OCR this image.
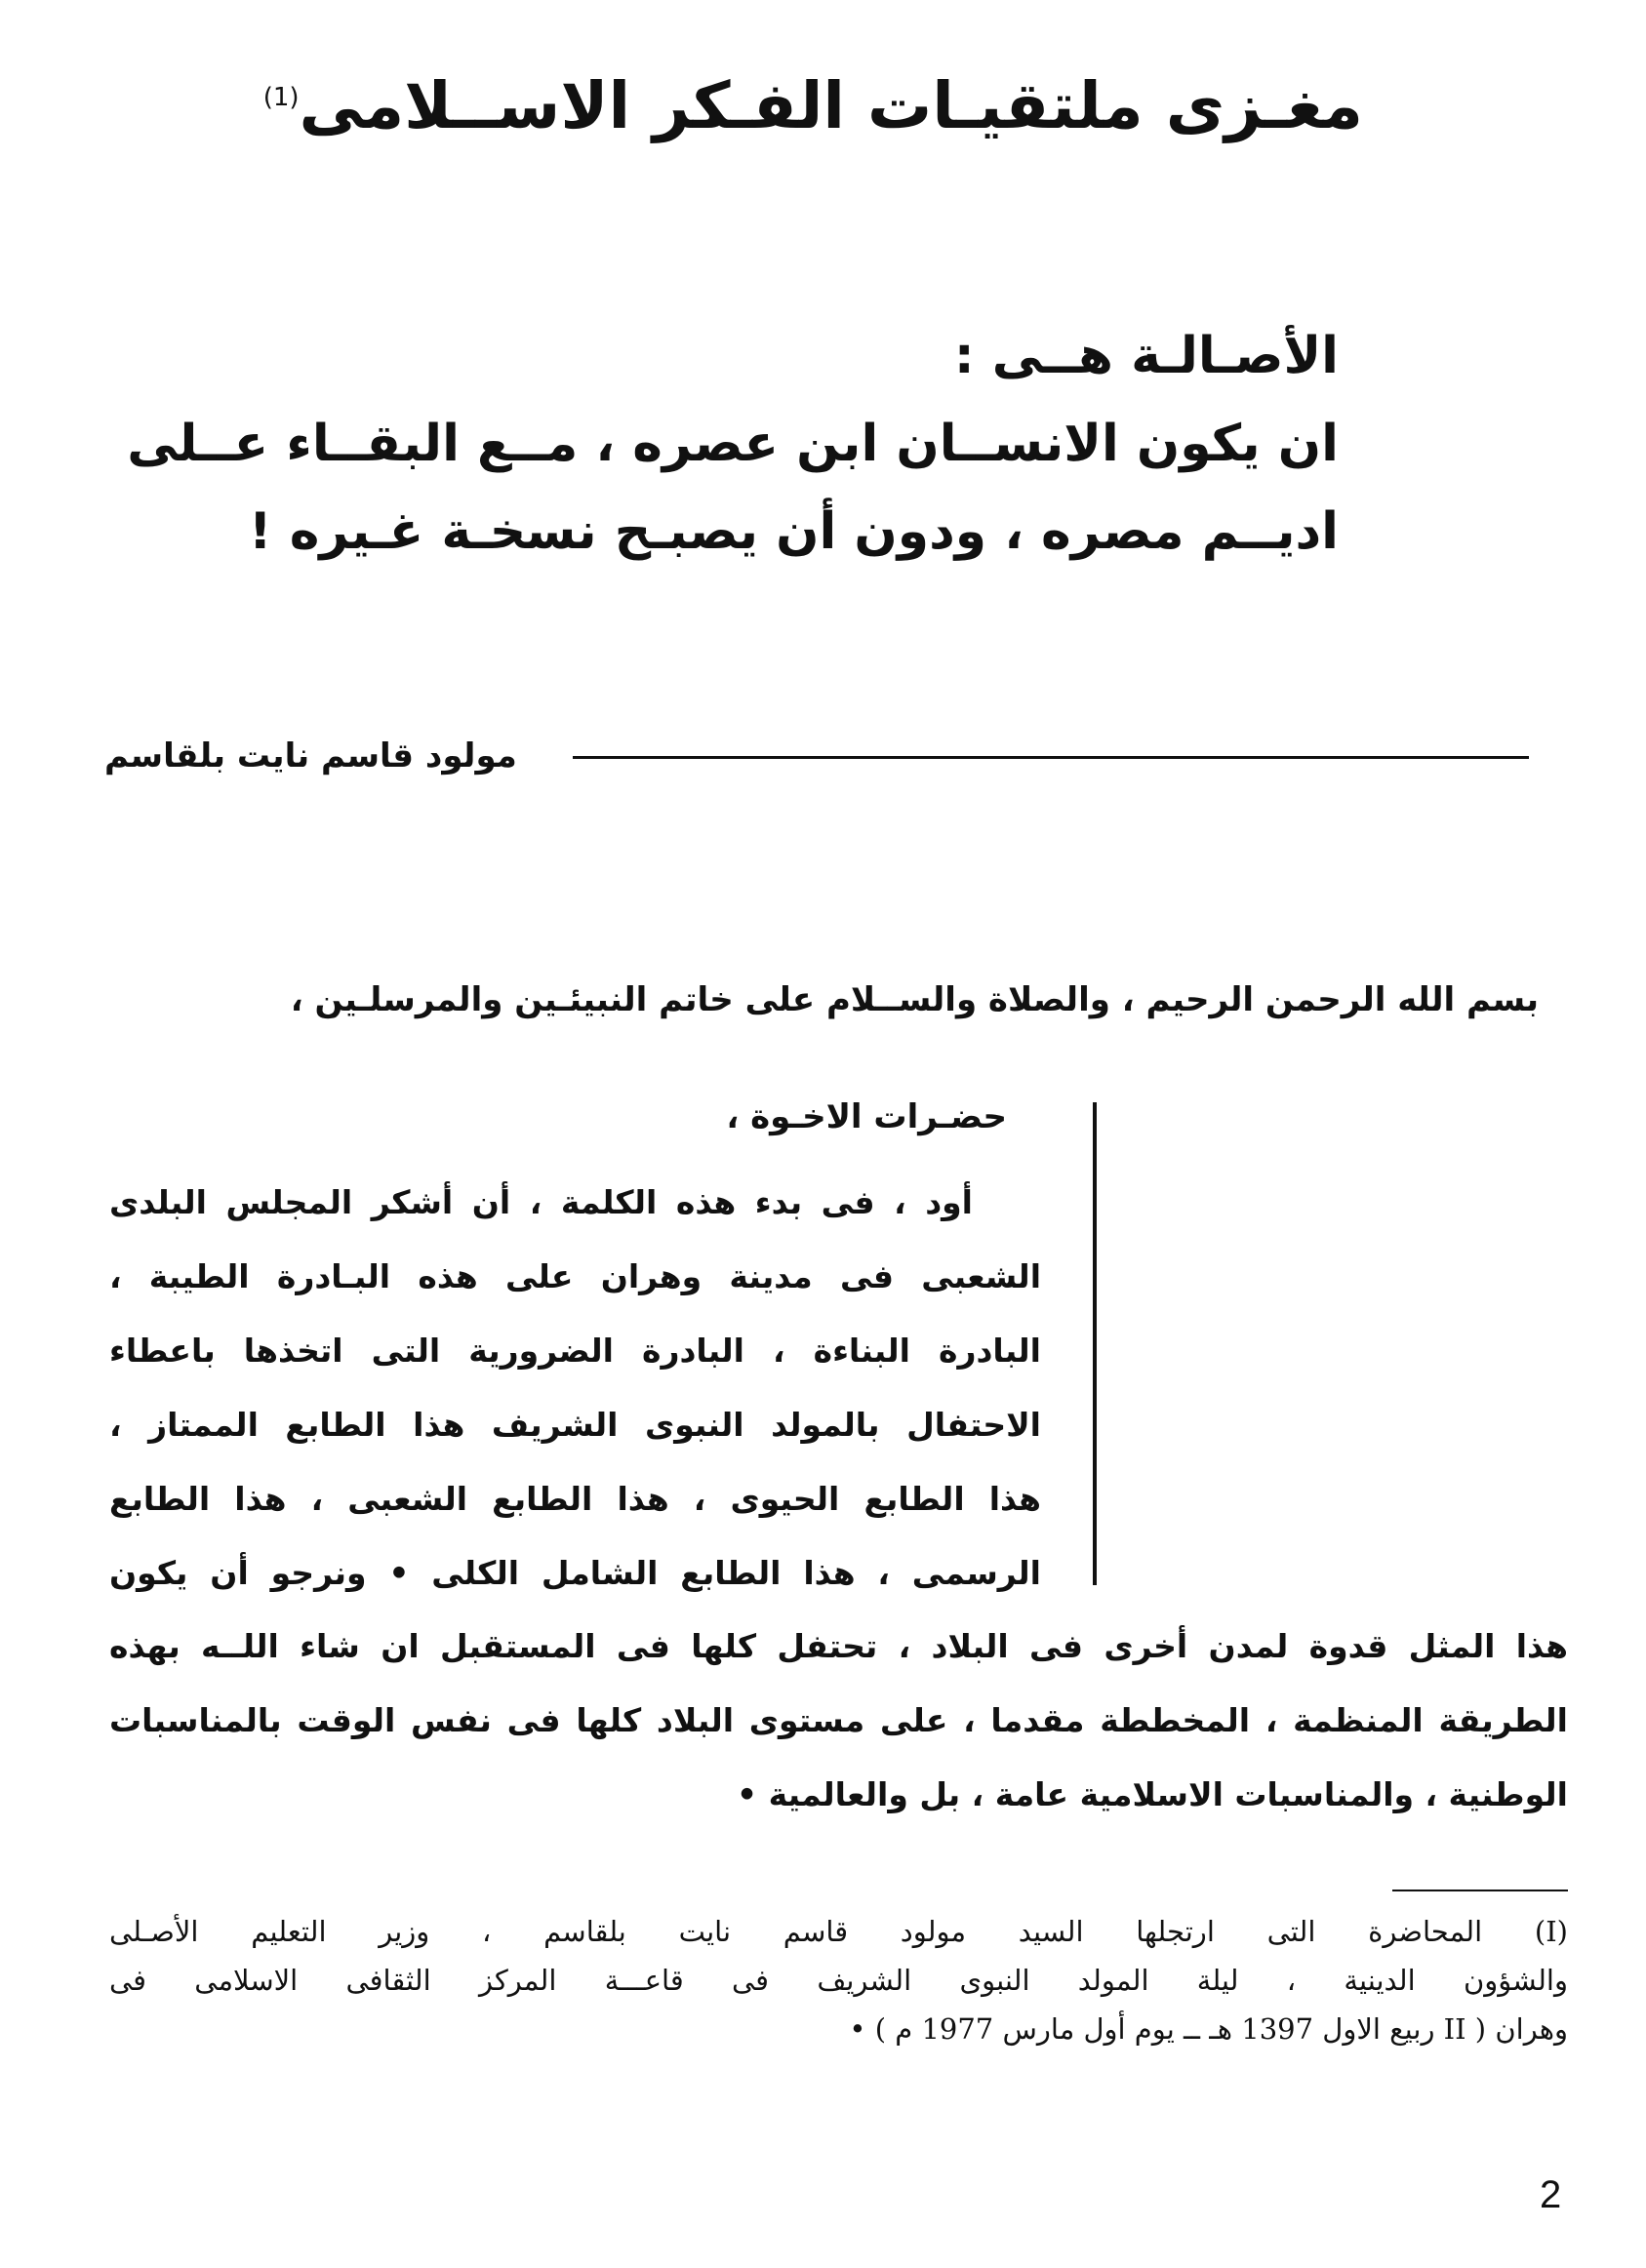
مغـزى ملتقيـات الفـكر الاســلامى$^{(1)}$
الأصـالـة هــى :
ان يكون الانســان ابن عصره ، مــع البقــاء عــلى
اديــم مصره ، ودون أن يصبـح نسخـة غـيره !
مولود قاسم نايت بلقاسم
بسم الله الرحمن الرحيم ، والصلاة والســلام على خاتم النبيئـين والمرسلـين ،
حضـرات الاخـوة ،
أود ، فى بدء هذه الكلمة ، أن أشكر المجلس البلدى
الشعبى فى مدينة وهران على هذه البـادرة الطيبة ،
البادرة البناءة ، البادرة الضرورية التى اتخذها باعطاء
الاحتفال بالمولد النبوى الشريف هذا الطابع الممتاز ،
هذا الطابع الحيوى ، هذا الطابع الشعبى ، هذا الطابع
الرسمى ، هذا الطابع الشامل الكلى • ونرجو أن يكون
هذا المثل قدوة لمدن أخرى فى البلاد ، تحتفل كلها فى المستقبل ان شاء اللــه بهذه
الطريقة المنظمة ، المخططة مقدما ، على مستوى البلاد كلها فى نفس الوقت بالمناسبات
الوطنية ، والمناسبات الاسلامية عامة ، بل والعالمية •
(I) المحاضرة التى ارتجلها السيد مولود قاسم نايت بلقاسم ، وزير التعليم الأصـلى
والشؤون الدينية ، ليلة المولد النبوى الشريف فى قاعـــة المركز الثقافى الاسلامى فى
وهران ( II ربيع الاول 1397 هـ ــ يوم أول مارس 1977 م ) •
2
